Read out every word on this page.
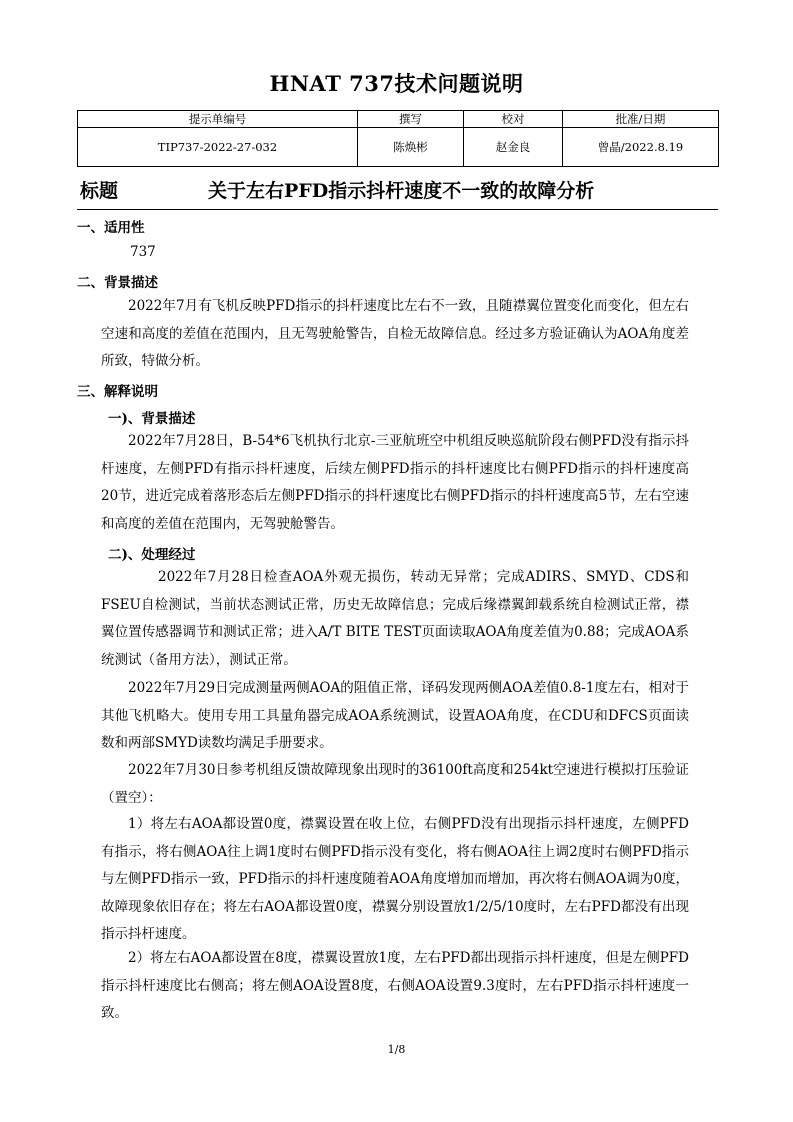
HNAT 737技术问题说明
提示单编号	撰写	校对	批准/日期
TIP737-2022-27-032	陈焕彬	赵金良	曾晶/2022.8.19
标题	关于左右PFD指示抖杆速度不一致的故障分析
一、适用性
737
二、背景描述

2022年7月有飞机反映PFD指示的抖杆速度比左右不一致，且随襟翼位置变化而变化，但左右空速和高度的差值在范围内，且无驾驶舱警告，自检无故障信息。经过多方验证确认为AOA角度差所致，特做分析。

三、解释说明
一)、背景描述

2022年7月28日，B-54*6飞机执行北京-三亚航班空中机组反映巡航阶段右侧PFD没有指示抖杆速度，左侧PFD有指示抖杆速度，后续左侧PFD指示的抖杆速度比右侧PFD指示的抖杆速度高20节，进近完成着落形态后左侧PFD指示的抖杆速度比右侧PFD指示的抖杆速度高5节，左右空速和高度的差值在范围内，无驾驶舱警告。

二)、处理经过

2022年7月28日检查AOA外观无损伤，转动无异常；完成ADIRS、SMYD、CDS和FSEU自检测试，当前状态测试正常，历史无故障信息；完成后缘襟翼卸载系统自检测试正常，襟翼位置传感器调节和测试正常；进入A/T BITE TEST页面读取AOA角度差值为0.88；完成AOA系统测试（备用方法），测试正常。

2022年7月29日完成测量两侧AOA的阻值正常，译码发现两侧AOA差值0.8-1度左右，相对于其他飞机略大。使用专用工具量角器完成AOA系统测试，设置AOA角度，在CDU和DFCS页面读数和两部SMYD读数均满足手册要求。

2022年7月30日参考机组反馈故障现象出现时的36100ft高度和254kt空速进行模拟打压验证（置空）：

1）将左右AOA都设置0度，襟翼设置在收上位，右侧PFD没有出现指示抖杆速度，左侧PFD有指示，将右侧AOA往上调1度时右侧PFD指示没有变化，将右侧AOA往上调2度时右侧PFD指示与左侧PFD指示一致，PFD指示的抖杆速度随着AOA角度增加而增加，再次将右侧AOA调为0度，故障现象依旧存在；将左右AOA都设置0度，襟翼分别设置放1/2/5/10度时，左右PFD都没有出现指示抖杆速度。

2）将左右AOA都设置在8度，襟翼设置放1度，左右PFD都出现指示抖杆速度，但是左侧PFD指示抖杆速度比右侧高；将左侧AOA设置8度，右侧AOA设置9.3度时，左右PFD指示抖杆速度一致。

1/8
